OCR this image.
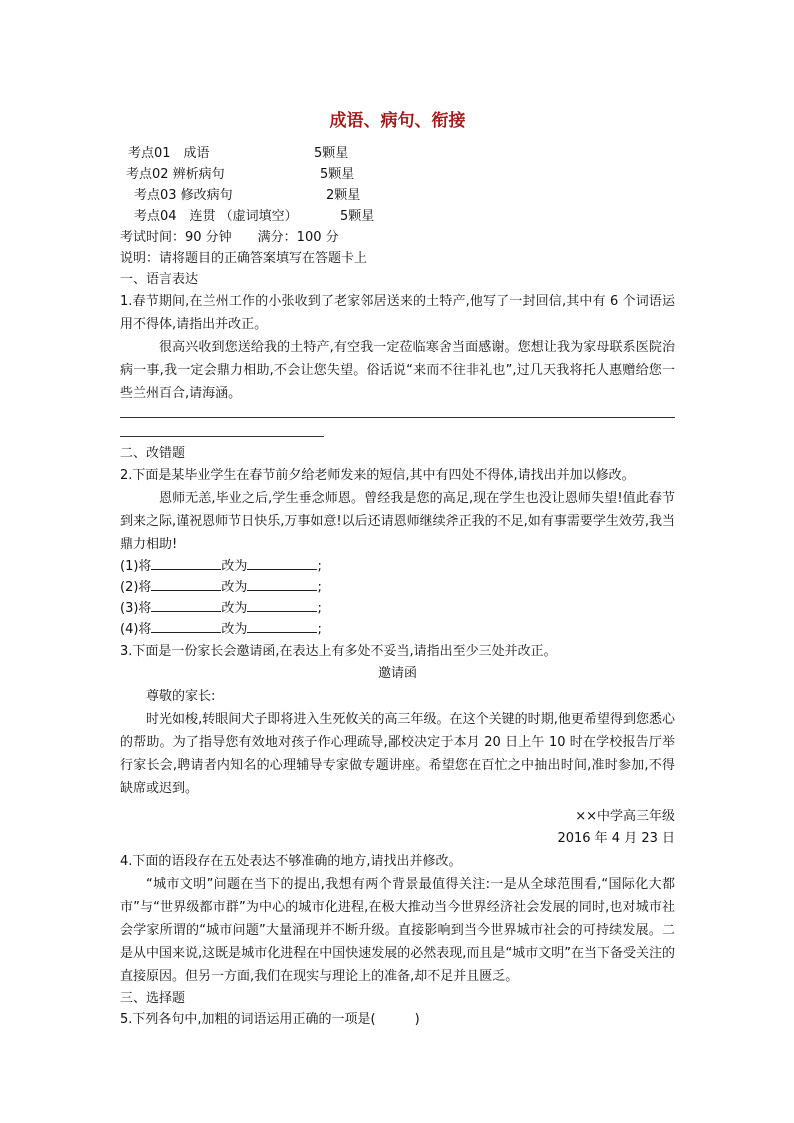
成语、病句、衔接
考点01　成语	5颗星
考点02 辨析病句	5颗星
考点03 修改病句	2颗星
考点04　连贯 （虚词填空）	5颗星
考试时间：90 分钟　　满分：100 分
说明：请将题目的正确答案填写在答题卡上
一、语言表达
1.春节期间,在兰州工作的小张收到了老家邻居送来的土特产,他写了一封回信,其中有 6 个词语运用不得体,请指出并改正。
很高兴收到您送给我的土特产,有空我一定莅临寒舍当面感谢。您想让我为家母联系医院治病一事,我一定会鼎力相助,不会让您失望。俗话说“来而不往非礼也”,过几天我将托人惠赠给您一些兰州百合,请海涵。
二、改错题
2.下面是某毕业学生在春节前夕给老师发来的短信,其中有四处不得体,请找出并加以修改。
恩师无恙,毕业之后,学生垂念师恩。曾经我是您的高足,现在学生也没让恩师失望!值此春节到来之际,谨祝恩师节日快乐,万事如意!以后还请恩师继续斧正我的不足,如有事需要学生效劳,我当鼎力相助!
(1)将	改为	;
(2)将	改为	;
(3)将	改为	;
(4)将	改为	;
3.下面是一份家长会邀请函,在表达上有多处不妥当,请指出至少三处并改正。
邀请函
尊敬的家长:
时光如梭,转眼间犬子即将进入生死攸关的高三年级。在这个关键的时期,他更希望得到您悉心的帮助。为了指导您有效地对孩子作心理疏导,鄙校决定于本月 20 日上午 10 时在学校报告厅举行家长会,聘请者内知名的心理辅导专家做专题讲座。希望您在百忙之中抽出时间,准时参加,不得缺席或迟到。
××中学高三年级
2016 年 4 月 23 日
4.下面的语段存在五处表达不够准确的地方,请找出并修改。
“城市文明”问题在当下的提出,我想有两个背景最值得关注:一是从全球范围看,“国际化大都市”与“世界级都市群”为中心的城市化进程,在极大推动当今世界经济社会发展的同时,也对城市社会学家所谓的“城市问题”大量涌现并不断升级。直接影响到当今世界城市社会的可持续发展。二是从中国来说,这既是城市化进程在中国快速发展的必然表现,而且是“城市文明”在当下备受关注的直接原因。但另一方面,我们在现实与理论上的准备,却不足并且匮乏。
三、选择题
5.下列各句中,加粗的词语运用正确的一项是(　　　)
